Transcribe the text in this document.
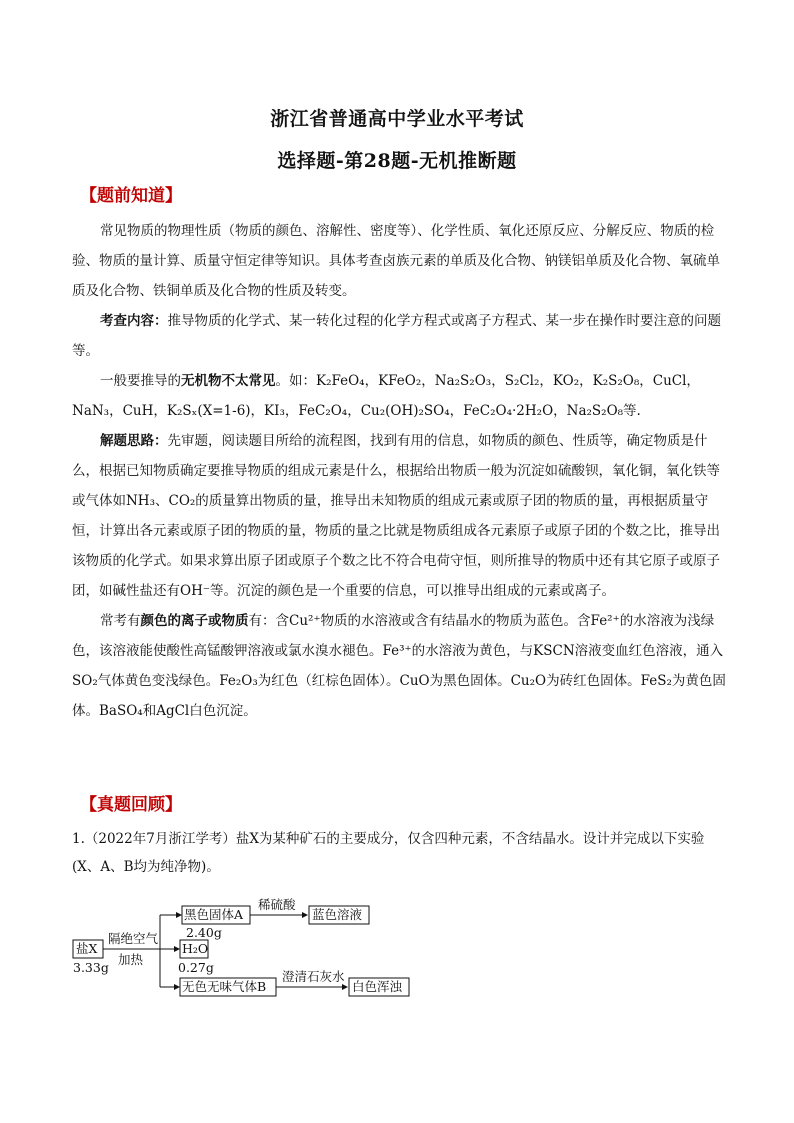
浙江省普通高中学业水平考试
选择题-第28题-无机推断题
【题前知道】

常见物质的物理性质（物质的颜色、溶解性、密度等）、化学性质、氧化还原反应、分解反应、物质的检验、物质的量计算、质量守恒定律等知识。具体考查卤族元素的单质及化合物、钠镁铝单质及化合物、氧硫单质及化合物、铁铜单质及化合物的性质及转变。

考查内容：推导物质的化学式、某一转化过程的化学方程式或离子方程式、某一步在操作时要注意的问题等。

一般要推导的无机物不太常见。如：K₂FeO₄，KFeO₂，Na₂S₂O₃，S₂Cl₂，KO₂，K₂S₂O₈，CuCl，NaN₃，CuH，K₂Sₓ(X=1-6)，KI₃，FeC₂O₄，Cu₂(OH)₂SO₄，FeC₂O₄·2H₂O，Na₂S₂O₈等.

解题思路：先审题，阅读题目所给的流程图，找到有用的信息，如物质的颜色、性质等，确定物质是什么，根据已知物质确定要推导物质的组成元素是什么，根据给出物质一般为沉淀如硫酸钡，氧化铜，氧化铁等或气体如NH₃、CO₂的质量算出物质的量，推导出未知物质的组成元素或原子团的物质的量，再根据质量守恒，计算出各元素或原子团的物质的量，物质的量之比就是物质组成各元素原子或原子团的个数之比，推导出该物质的化学式。如果求算出原子团或原子个数之比不符合电荷守恒，则所推导的物质中还有其它原子或原子团，如碱性盐还有OH⁻等。沉淀的颜色是一个重要的信息，可以推导出组成的元素或离子。

常考有颜色的离子或物质有：含Cu²⁺物质的水溶液或含有结晶水的物质为蓝色。含Fe²⁺的水溶液为浅绿色，该溶液能使酸性高锰酸钾溶液或氯水溴水褪色。Fe³⁺的水溶液为黄色，与KSCN溶液变血红色溶液，通入SO₂气体黄色变浅绿色。Fe₂O₃为红色（红棕色固体）。CuO为黑色固体。Cu₂O为砖红色固体。FeS₂为黄色固体。BaSO₄和AgCl白色沉淀。

【真题回顾】

1.（2022年7月浙江学考）盐X为某种矿石的主要成分，仅含四种元素，不含结晶水。设计并完成以下实验(X、A、B均为纯净物)。

盐X
3.33g
隔绝空气
加热
黑色固体A
2.40g
稀硫酸
蓝色溶液
H₂O
0.27g
无色无味气体B
澄清石灰水
白色浑浊
